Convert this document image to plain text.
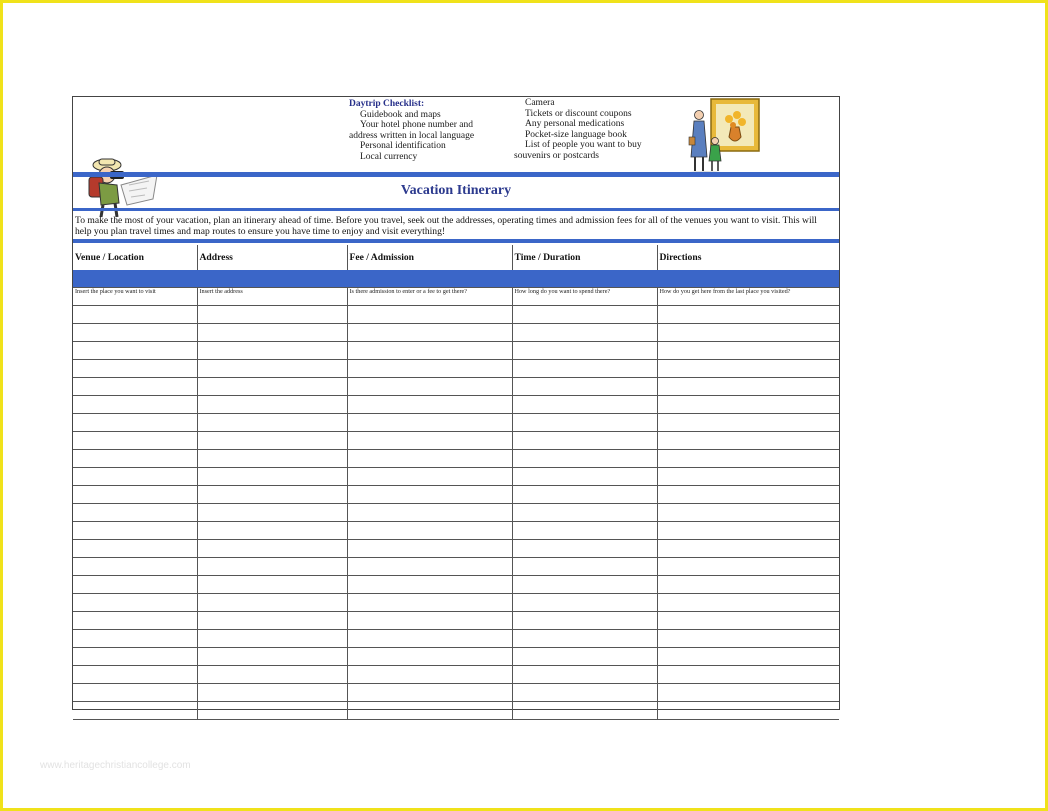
Daytrip Checklist:
Guidebook and maps
Your hotel phone number and
address written in local language
Personal identification
Local currency
Camera
Tickets or discount coupons
Any personal medications
Pocket-size language book
List of people you want to buy
souvenirs or postcards
Vacation Itinerary
To make the most of your vacation, plan an itinerary ahead of time. Before you travel, seek out the addresses, operating times and admission fees for all of the venues you want to visit. This will help you plan travel times and map routes to ensure you have time to enjoy and visit everything!
Venue / Location	Address	Fee / Admission	Time / Duration	Directions

Insert the place you want to visit	Insert the address	Is there admission to enter or a fee to get there?	How long do you want to spend there?	How do you get here from the last place you visited?

www.heritagechristiancollege.com
